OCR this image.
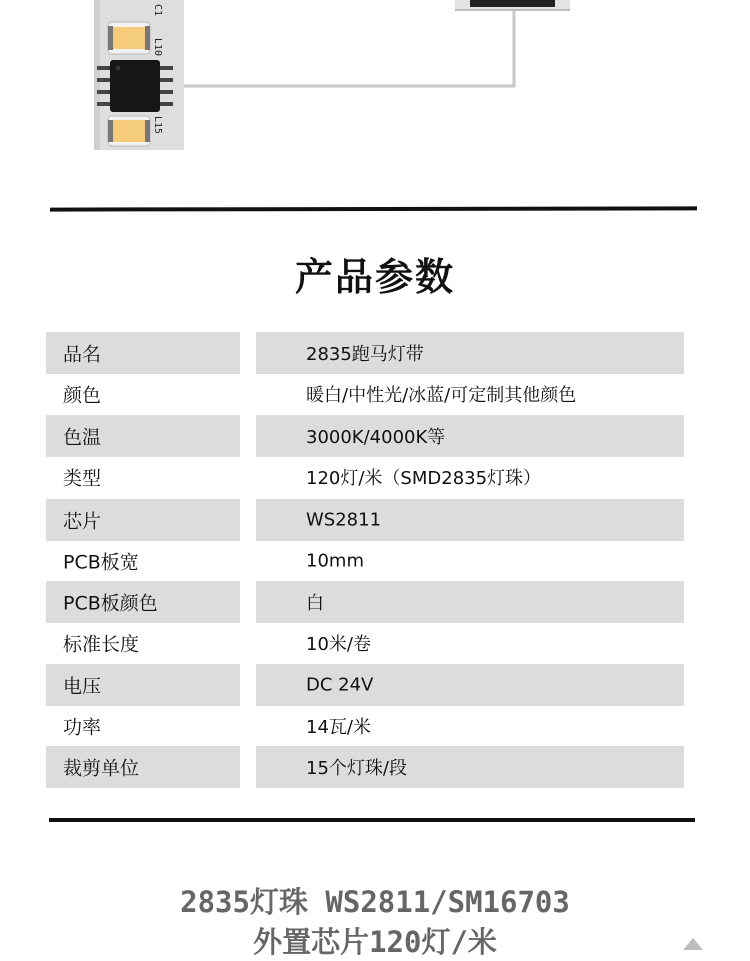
L10
C1
L15
产品参数
品名	2835跑马灯带
颜色	暖白/中性光/冰蓝/可定制其他颜色
色温	3000K/4000K等
类型	120灯/米（SMD2835灯珠）
芯片	WS2811
PCB板宽	10mm
PCB板颜色	白
标准长度	10米/卷
电压	DC 24V
功率	14瓦/米
裁剪单位	15个灯珠/段
2835灯珠 WS2811/SM16703
外置芯片120灯/米
